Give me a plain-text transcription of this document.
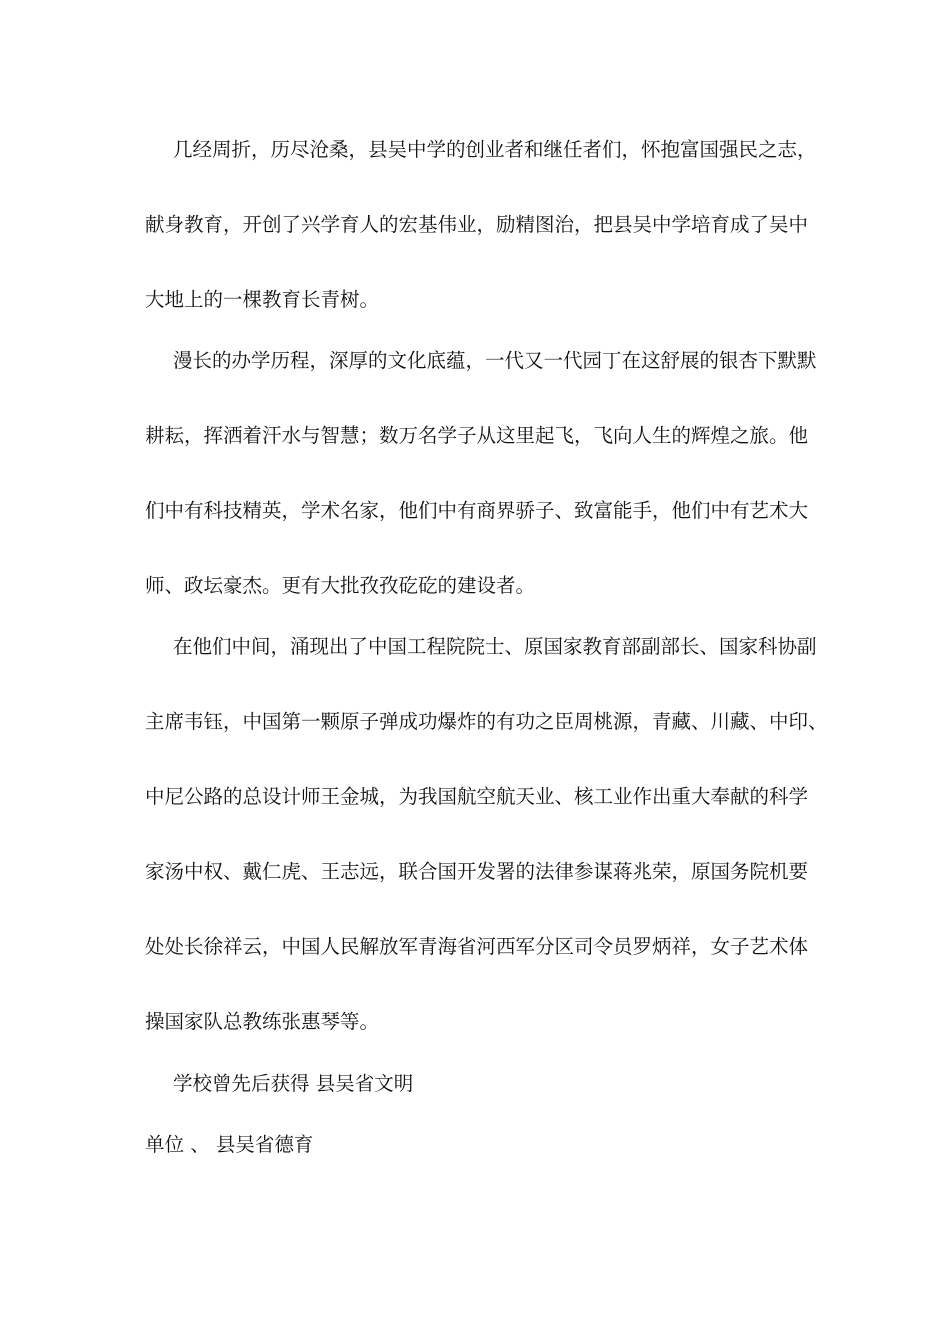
几经周折，历尽沧桑，县吴中学的创业者和继任者们，怀抱富国强民之志，
献身教育，开创了兴学育人的宏基伟业，励精图治，把县吴中学培育成了吴中
大地上的一棵教育长青树。
漫长的办学历程，深厚的文化底蕴，一代又一代园丁在这舒展的银杏下默默
耕耘，挥洒着汗水与智慧；数万名学子从这里起飞，飞向人生的辉煌之旅。他
们中有科技精英，学术名家，他们中有商界骄子、致富能手，他们中有艺术大
师、政坛豪杰。更有大批孜孜矻矻的建设者。
在他们中间，涌现出了中国工程院院士、原国家教育部副部长、国家科协副
主席韦钰，中国第一颗原子弹成功爆炸的有功之臣周桃源，青藏、川藏、中印、
中尼公路的总设计师王金城，为我国航空航天业、核工业作出重大奉献的科学
家汤中权、戴仁虎、王志远，联合国开发署的法律参谋蒋兆荣，原国务院机要
处处长徐祥云，中国人民解放军青海省河西军分区司令员罗炳祥，女子艺术体
操国家队总教练张惠琴等。
学校曾先后获得 县吴省文明
单位 、 县吴省德育
